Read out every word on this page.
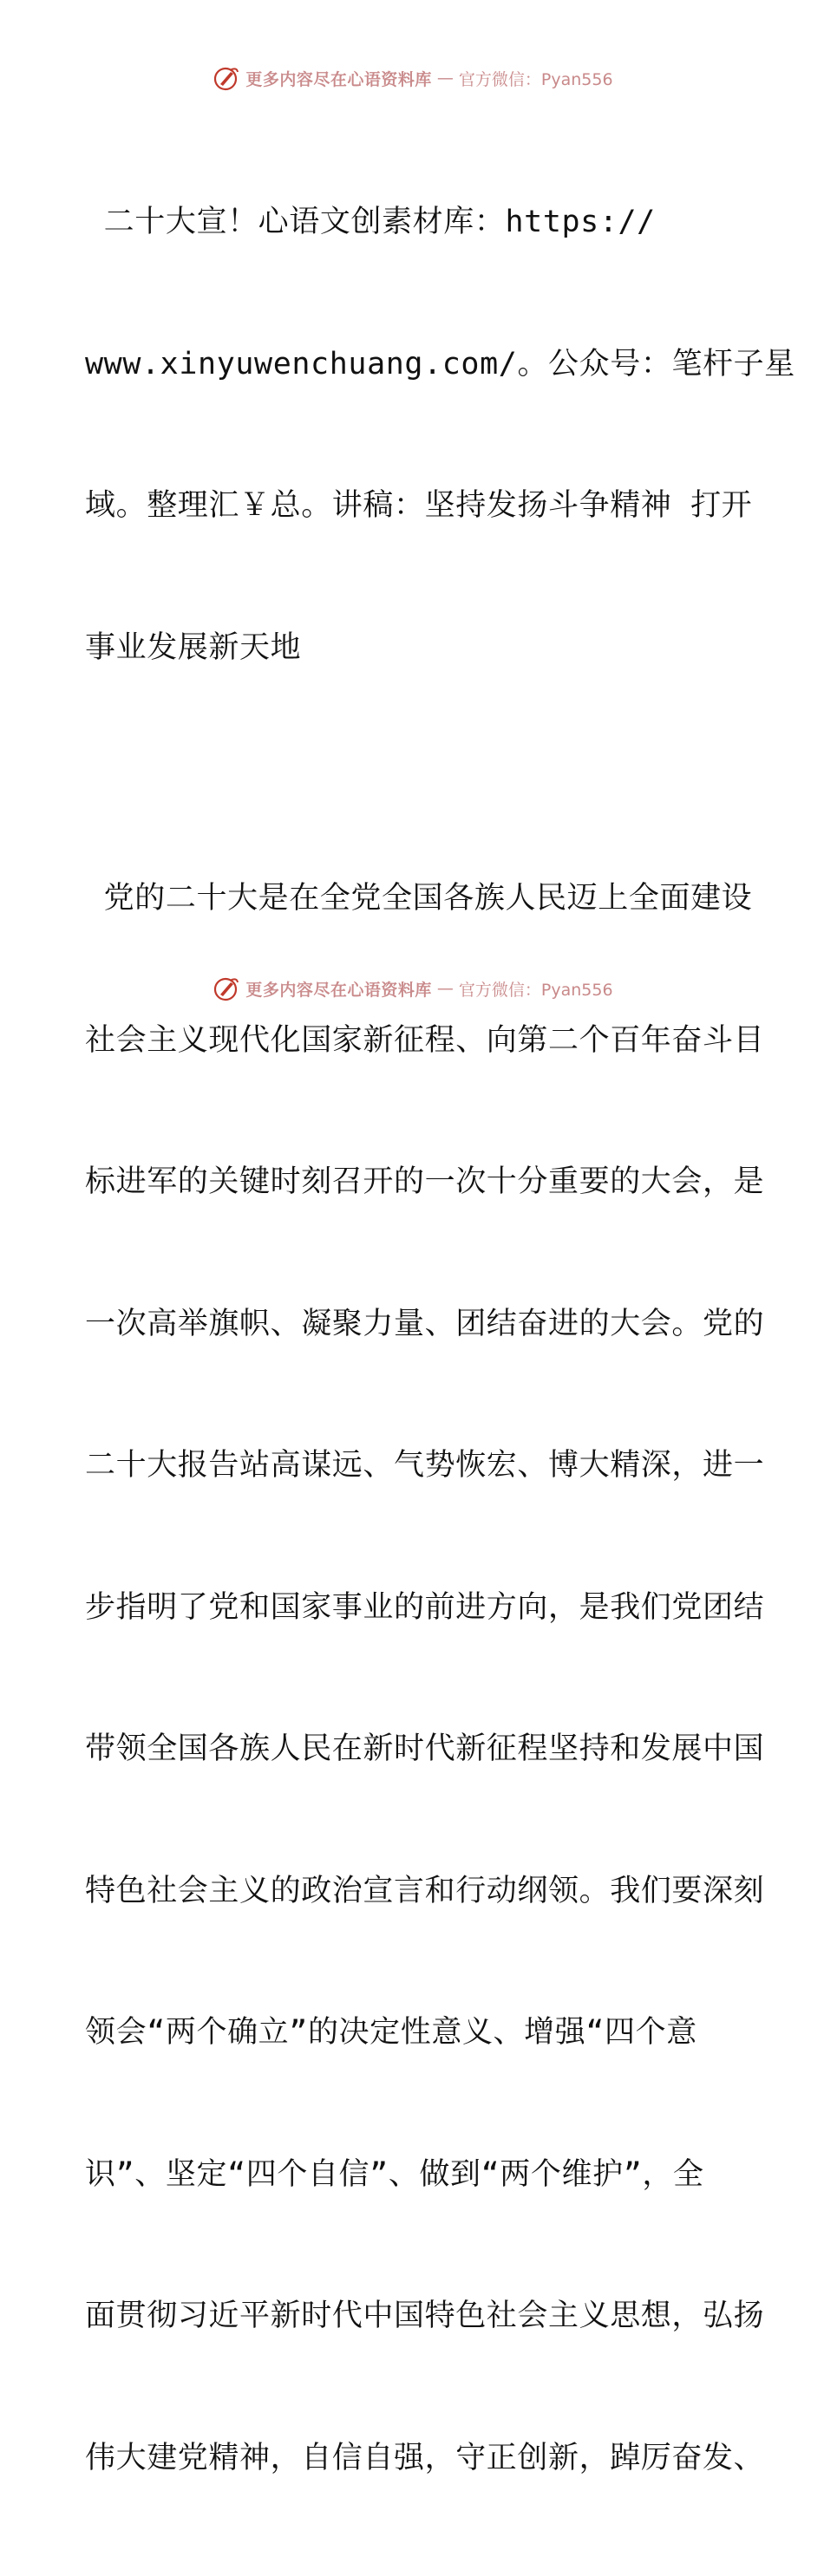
更多内容尽在心语资料库 — 官方微信：Pyan556

二十大宣！心语文创素材库：https://

www.xinyuwenchuang.com/。公众号：笔杆子星

域。整理汇￥总。讲稿：坚持发扬斗争精神 打开

事业发展新天地

党的二十大是在全党全国各族人民迈上全面建设

社会主义现代化国家新征程、向第二个百年奋斗目

标进军的关键时刻召开的一次十分重要的大会，是

一次高举旗帜、凝聚力量、团结奋进的大会。党的

二十大报告站高谋远、气势恢宏、博大精深，进一

步指明了党和国家事业的前进方向，是我们党团结

带领全国各族人民在新时代新征程坚持和发展中国

特色社会主义的政治宣言和行动纲领。我们要深刻

领会“两个确立”的决定性意义、增强“四个意

识”、坚定“四个自信”、做到“两个维护”，全

面贯彻习近平新时代中国特色社会主义思想，弘扬

伟大建党精神，自信自强，守正创新，踔厉奋发、

更多内容尽在心语资料库 — 官方微信：Pyan556
